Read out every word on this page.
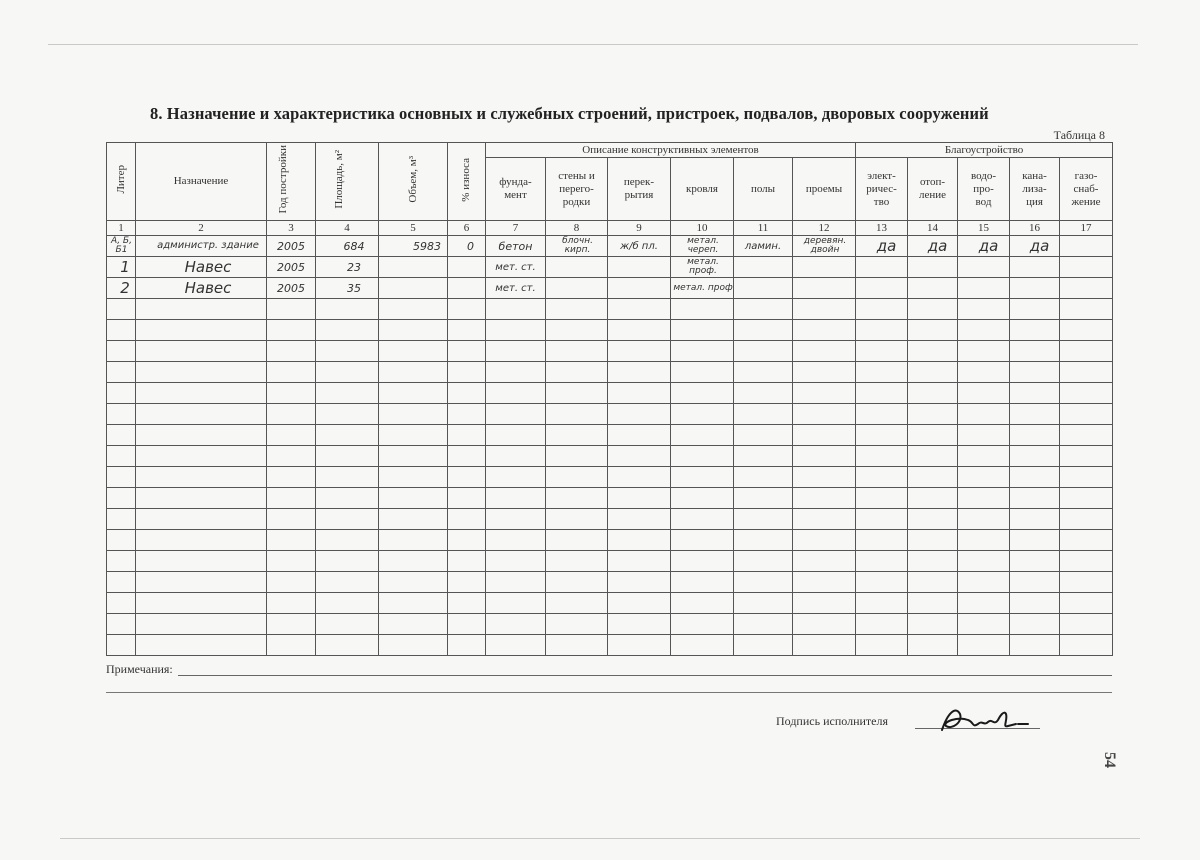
8. Назначение и характеристика основных и служебных строений, пристроек, подвалов, дворовых сооружений
Таблица 8
Литер	Назначение	Год постройки	Площадь, м²	Объем, м³	% износа	Описание конструктивных элементов						Благоустройство				
						фунда-мент	стены и перего-родки	перек-рытия	кровля	полы	проемы	элект-ричес-тво	отоп-ление	водо-про-вод	кана-лиза-ция	газо-снаб-жение
1	2	3	4	5	6	7	8	9	10	11	12	13	14	15	16	17
А, Б, Б1	администр. здание	2005	684	5983	0	бетон	блочн. кирп.	ж/б пл.	метал. череп.	ламин.	деревян. двойн	да	да	да	да	
1	Навес	2005	23			мет. ст.			метал. проф.							
2	Навес	2005	35			мет. ст.			метал. проф							

Примечания:
Подпись исполнителя
54
